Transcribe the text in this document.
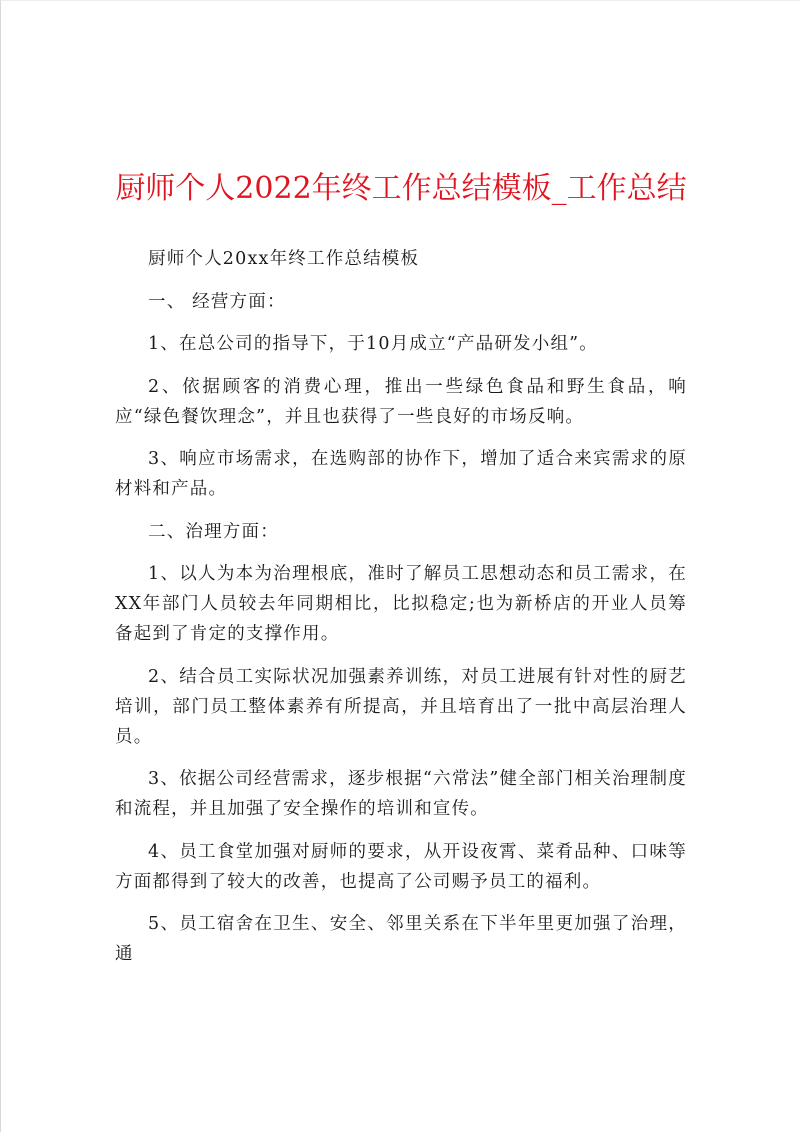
厨师个人2022年终工作总结模板_工作总结

厨师个人20xx年终工作总结模板

一、 经营方面：

1、在总公司的指导下，于10月成立“产品研发小组”。

2、依据顾客的消费心理，推出一些绿色食品和野生食品，响应“绿色餐饮理念”，并且也获得了一些良好的市场反响。

3、响应市场需求，在选购部的协作下，增加了适合来宾需求的原材料和产品。

二、治理方面：

1、以人为本为治理根底，准时了解员工思想动态和员工需求，在XX年部门人员较去年同期相比，比拟稳定;也为新桥店的开业人员筹备起到了肯定的支撑作用。

2、结合员工实际状况加强素养训练，对员工进展有针对性的厨艺培训，部门员工整体素养有所提高，并且培育出了一批中高层治理人员。

3、依据公司经营需求，逐步根据“六常法”健全部门相关治理制度和流程，并且加强了安全操作的培训和宣传。

4、员工食堂加强对厨师的要求，从开设夜霄、菜肴品种、口味等方面都得到了较大的改善，也提高了公司赐予员工的福利。

5、员工宿舍在卫生、安全、邻里关系在下半年里更加强了治理，通
